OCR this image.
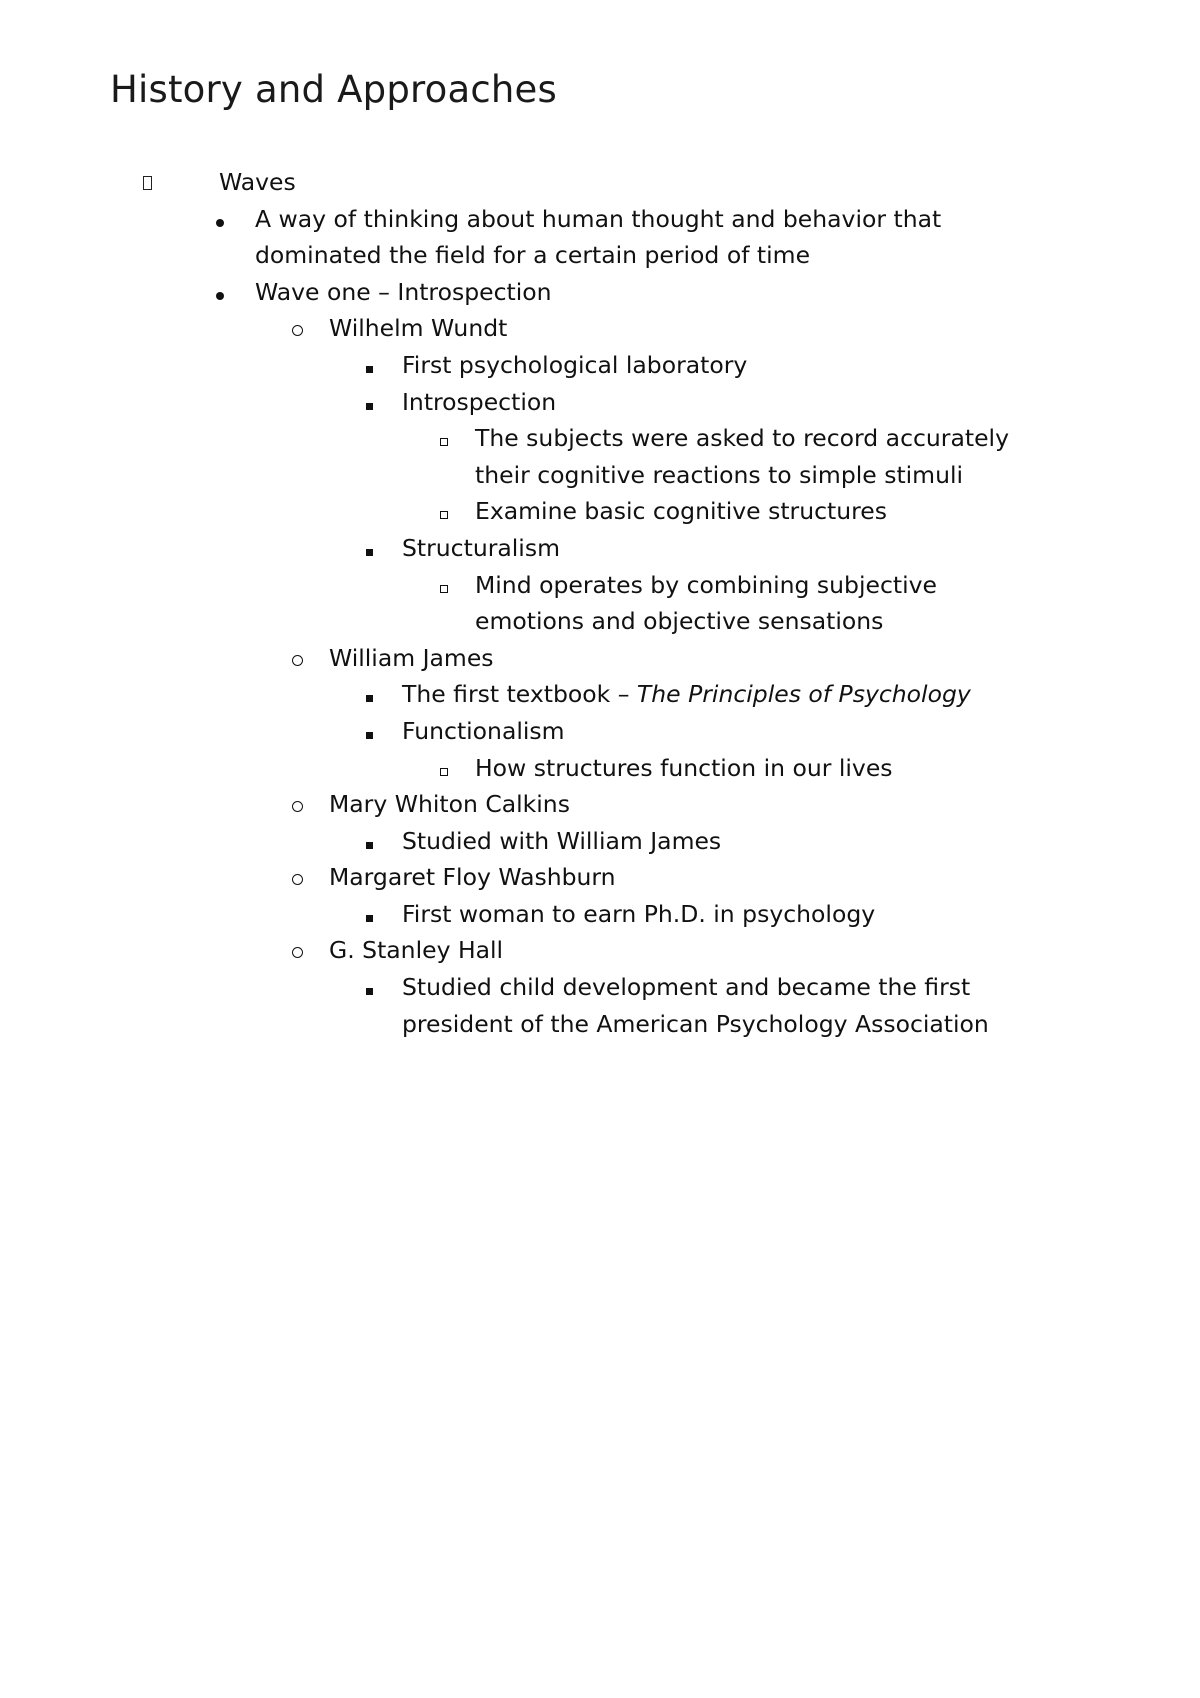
History and Approaches
Waves
A way of thinking about human thought and behavior that
dominated the field for a certain period of time
Wave one – Introspection
Wilhelm Wundt
First psychological laboratory
Introspection
The subjects were asked to record accurately
their cognitive reactions to simple stimuli
Examine basic cognitive structures
Structuralism
Mind operates by combining subjective
emotions and objective sensations
William James
The first textbook – The Principles of Psychology
Functionalism
How structures function in our lives
Mary Whiton Calkins
Studied with William James
Margaret Floy Washburn
First woman to earn Ph.D. in psychology
G. Stanley Hall
Studied child development and became the first
president of the American Psychology Association
